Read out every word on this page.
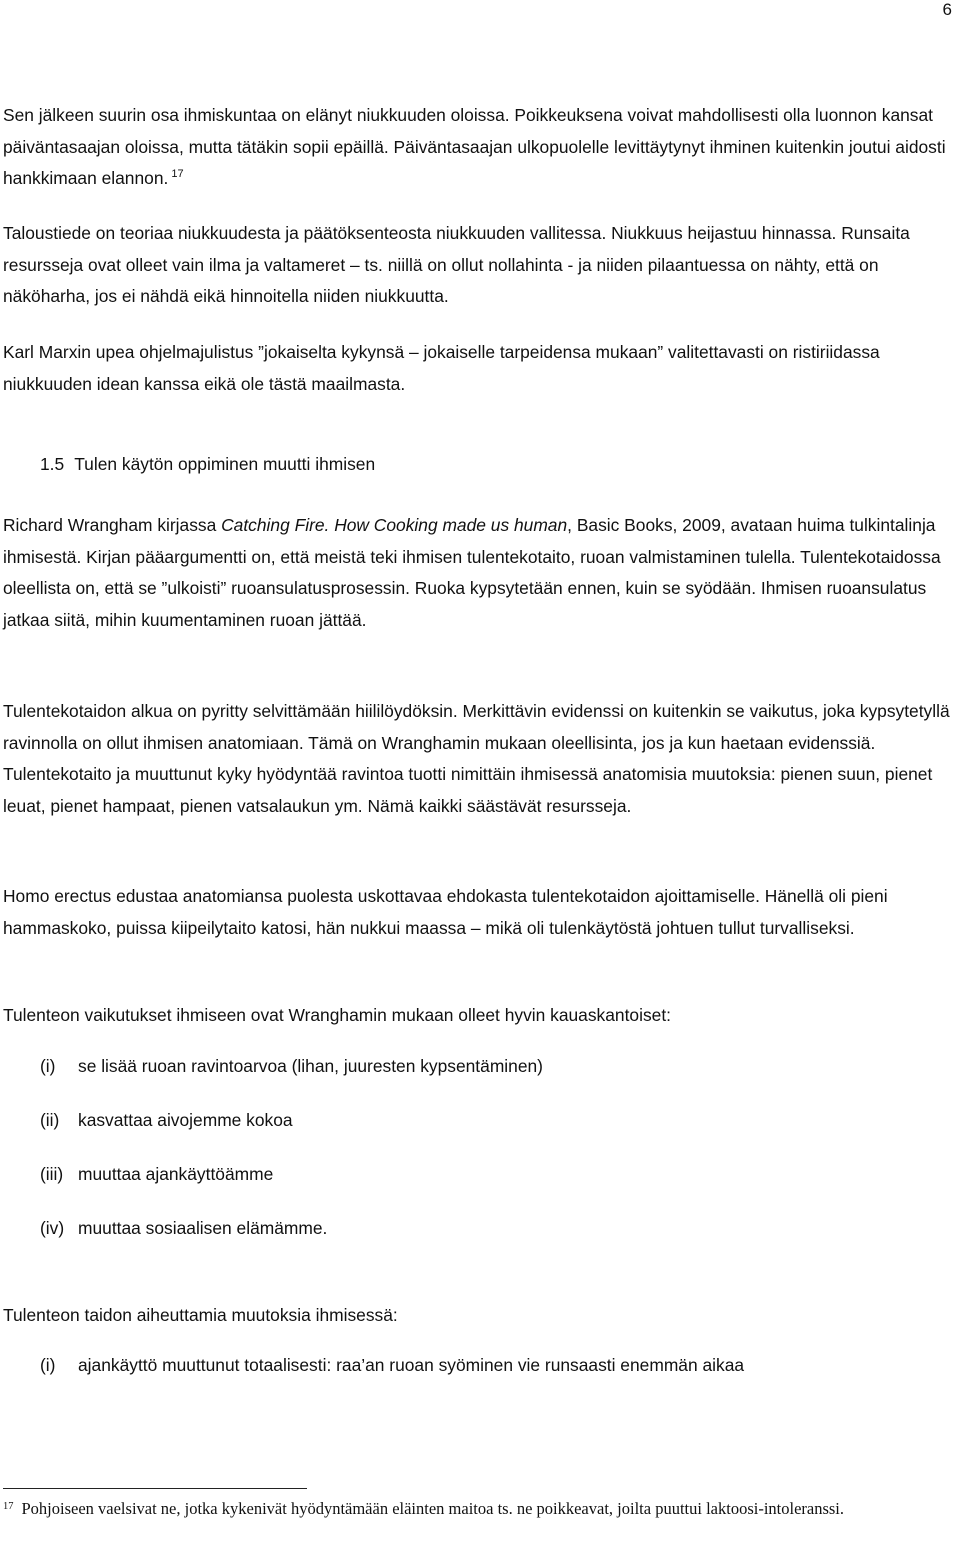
6
Sen jälkeen suurin osa ihmiskuntaa on elänyt niukkuuden oloissa. Poikkeuksena voivat mahdollisesti olla luonnon kansat päiväntasaajan oloissa, mutta tätäkin sopii epäillä. Päiväntasaajan ulkopuolelle levittäytynyt ihminen kuitenkin joutui aidosti hankkimaan elannon. $^{17}$
Taloustiede on teoriaa niukkuudesta ja päätöksenteosta niukkuuden vallitessa. Niukkuus heijastuu hinnassa. Runsaita resursseja ovat olleet vain ilma ja valtameret – ts. niillä on ollut nollahinta - ja niiden pilaantuessa on nähty, että on näköharha, jos ei nähdä eikä hinnoitella niiden niukkuutta.
Karl Marxin upea ohjelmajulistus ”jokaiselta kykynsä – jokaiselle tarpeidensa mukaan” valitettavasti on ristiriidassa niukkuuden idean kanssa eikä ole tästä maailmasta.
1.5 Tulen käytön oppiminen muutti ihmisen
Richard Wrangham kirjassa Catching Fire. How Cooking made us human, Basic Books, 2009, avataan huima tulkintalinja ihmisestä. Kirjan pääargumentti on, että meistä teki ihmisen tulentekotaito, ruoan valmistaminen tulella. Tulentekotaidossa oleellista on, että se ”ulkoisti” ruoansulatusprosessin. Ruoka kypsytetään ennen, kuin se syödään. Ihmisen ruoansulatus jatkaa siitä, mihin kuumentaminen ruoan jättää.
Tulentekotaidon alkua on pyritty selvittämään hiililöydöksin. Merkittävin evidenssi on kuitenkin se vaikutus, joka kypsytetyllä ravinnolla on ollut ihmisen anatomiaan. Tämä on Wranghamin mukaan oleellisinta, jos ja kun haetaan evidenssiä. Tulentekotaito ja muuttunut kyky hyödyntää ravintoa tuotti nimittäin ihmisessä anatomisia muutoksia: pienen suun, pienet leuat, pienet hampaat, pienen vatsalaukun ym. Nämä kaikki säästävät resursseja.
Homo erectus edustaa anatomiansa puolesta uskottavaa ehdokasta tulentekotaidon ajoittamiselle. Hänellä oli pieni hammaskoko, puissa kiipeilytaito katosi, hän nukkui maassa – mikä oli tulenkäytöstä johtuen tullut turvalliseksi.
Tulenteon vaikutukset ihmiseen ovat Wranghamin mukaan olleet hyvin kauaskantoiset:
(i) se lisää ruoan ravintoarvoa (lihan, juuresten kypsentäminen)
(ii) kasvattaa aivojemme kokoa
(iii) muuttaa ajankäyttöämme
(iv) muuttaa sosiaalisen elämämme.
Tulenteon taidon aiheuttamia muutoksia ihmisessä:
(i) ajankäyttö muuttunut totaalisesti: raa’an ruoan syöminen vie runsaasti enemmän aikaa
$^{17}$ Pohjoiseen vaelsivat ne, jotka kykenivät hyödyntämään eläinten maitoa ts. ne poikkeavat, joilta puuttui laktoosi-intoleranssi.
